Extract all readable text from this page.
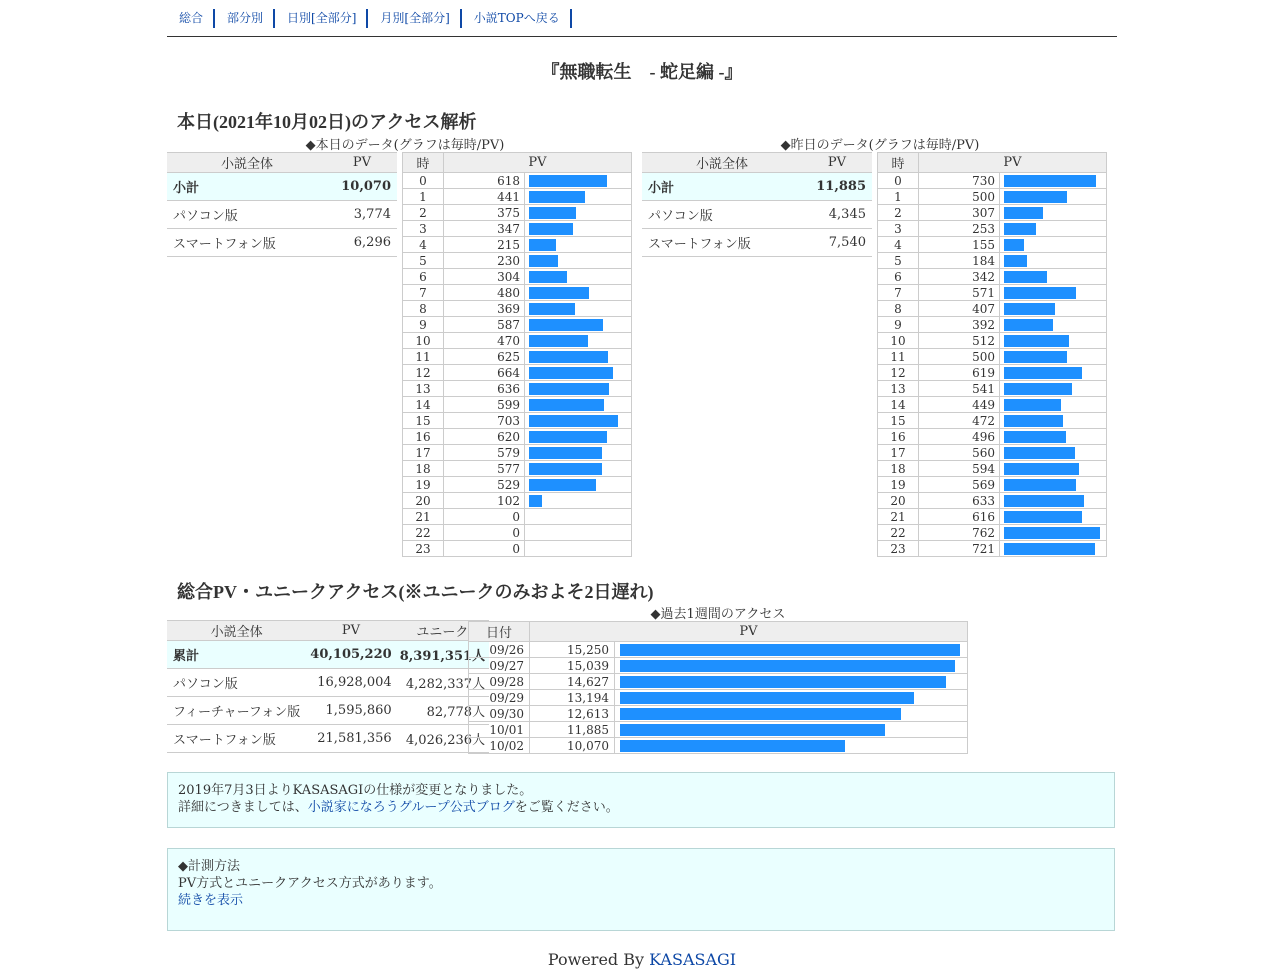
総合	部分別	日別[全部分]	月別[全部分]	小説TOPへ戻る
『無職転生　- 蛇足編 -』
本日(2021年10月02日)のアクセス解析
◆本日のデータ(グラフは毎時/PV)	◆昨日のデータ(グラフは毎時/PV)
小説全体	PV
小計	10,070
パソコン版	3,774
スマートフォン版	6,296
時	PV	
0	618	

1	441	

2	375	

3	347	

4	215	

5	230	

6	304	

7	480	

8	369	

9	587	

10	470	

11	625	

12	664	

13	636	

14	599	

15	703	

16	620	

17	579	

18	577	

19	529	

20	102	

21	0	
22	0	
23	0	
小説全体	PV
小計	11,885
パソコン版	4,345
スマートフォン版	7,540
時	PV	
0	730	

1	500	

2	307	

3	253	

4	155	

5	184	

6	342	

7	571	

8	407	

9	392	

10	512	

11	500	

12	619	

13	541	

14	449	

15	472	

16	496	

17	560	

18	594	

19	569	

20	633	

21	616	

22	762	

23	721	
総合PV・ユニークアクセス(※ユニークのみおよそ2日遅れ)
◆過去1週間のアクセス
小説全体	PV	ユニーク
累計	40,105,220	8,391,351人
パソコン版	16,928,004	4,282,337人
フィーチャーフォン版	1,595,860	82,778人
スマートフォン版	21,581,356	4,026,236人
日付	PV	
09/26	15,250	

09/27	15,039	

09/28	14,627	

09/29	13,194	

09/30	12,613	

10/01	11,885	

10/02	10,070	
2019年7月3日よりKASASAGIの仕様が変更となりました。
詳細につきましては、小説家になろうグループ公式ブログをご覧ください。
◆計測方法
PV方式とユニークアクセス方式があります。
続きを表示
Powered By KASASAGI
